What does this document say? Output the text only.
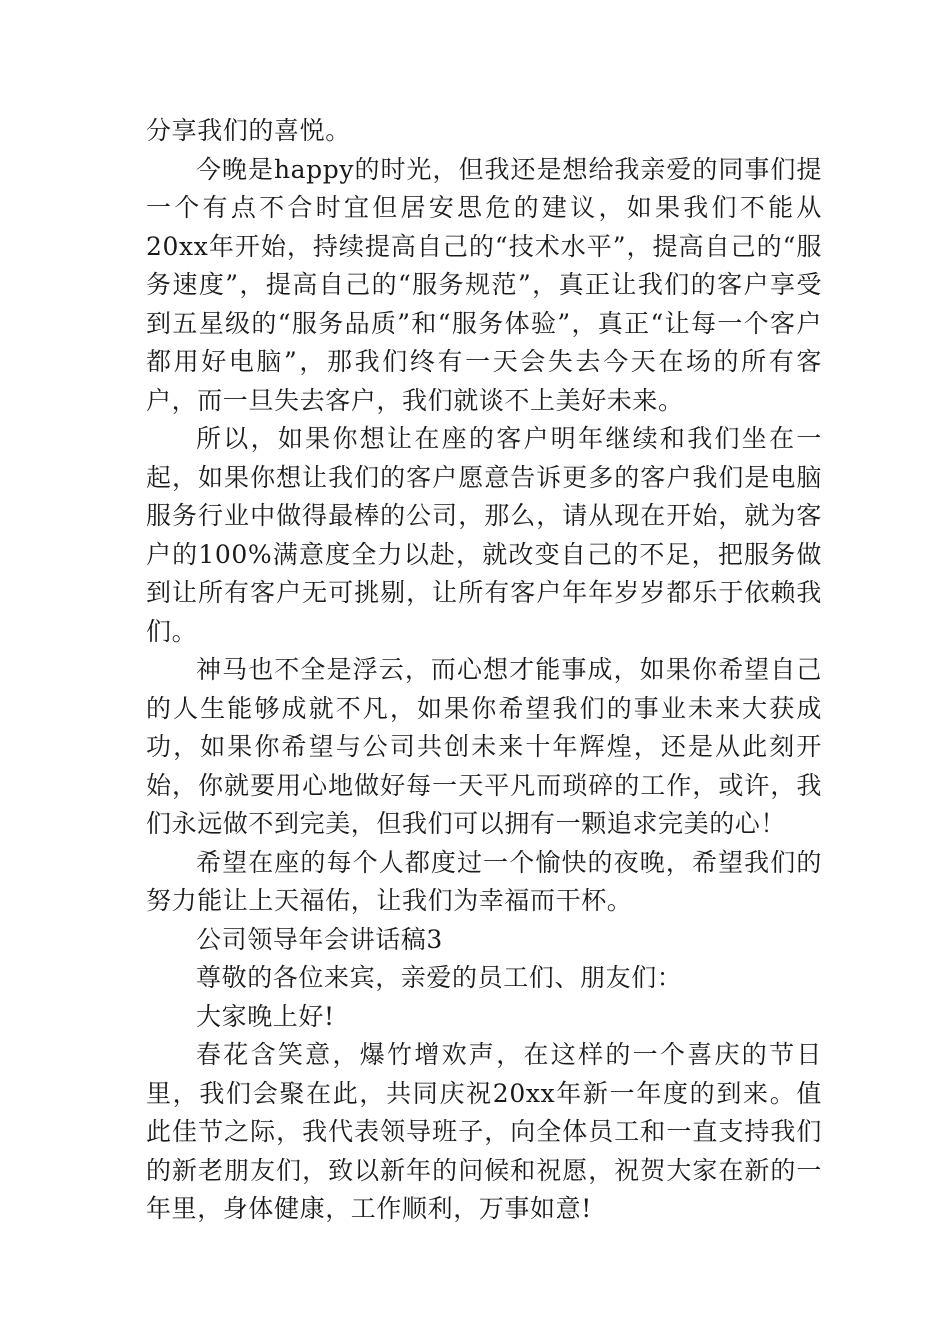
分享我们的喜悦。

今晚是happy的时光，但我还是想给我亲爱的同事们提一个有点不合时宜但居安思危的建议，如果我们不能从20xx年开始，持续提高自己的“技术水平”，提高自己的“服务速度”，提高自己的“服务规范”，真正让我们的客户享受到五星级的“服务品质”和“服务体验”，真正“让每一个客户都用好电脑”，那我们终有一天会失去今天在场的所有客户，而一旦失去客户，我们就谈不上美好未来。

所以，如果你想让在座的客户明年继续和我们坐在一起，如果你想让我们的客户愿意告诉更多的客户我们是电脑服务行业中做得最棒的公司，那么，请从现在开始，就为客户的100%满意度全力以赴，就改变自己的不足，把服务做到让所有客户无可挑剔，让所有客户年年岁岁都乐于依赖我们。

神马也不全是浮云，而心想才能事成，如果你希望自己的人生能够成就不凡，如果你希望我们的事业未来大获成功，如果你希望与公司共创未来十年辉煌，还是从此刻开始，你就要用心地做好每一天平凡而琐碎的工作，或许，我们永远做不到完美，但我们可以拥有一颗追求完美的心！

希望在座的每个人都度过一个愉快的夜晚，希望我们的努力能让上天福佑，让我们为幸福而干杯。

公司领导年会讲话稿3

尊敬的各位来宾，亲爱的员工们、朋友们：

大家晚上好!

春花含笑意，爆竹增欢声，在这样的一个喜庆的节日里，我们会聚在此，共同庆祝20xx年新一年度的到来。值此佳节之际，我代表领导班子，向全体员工和一直支持我们的新老朋友们，致以新年的问候和祝愿，祝贺大家在新的一年里，身体健康，工作顺利，万事如意!
